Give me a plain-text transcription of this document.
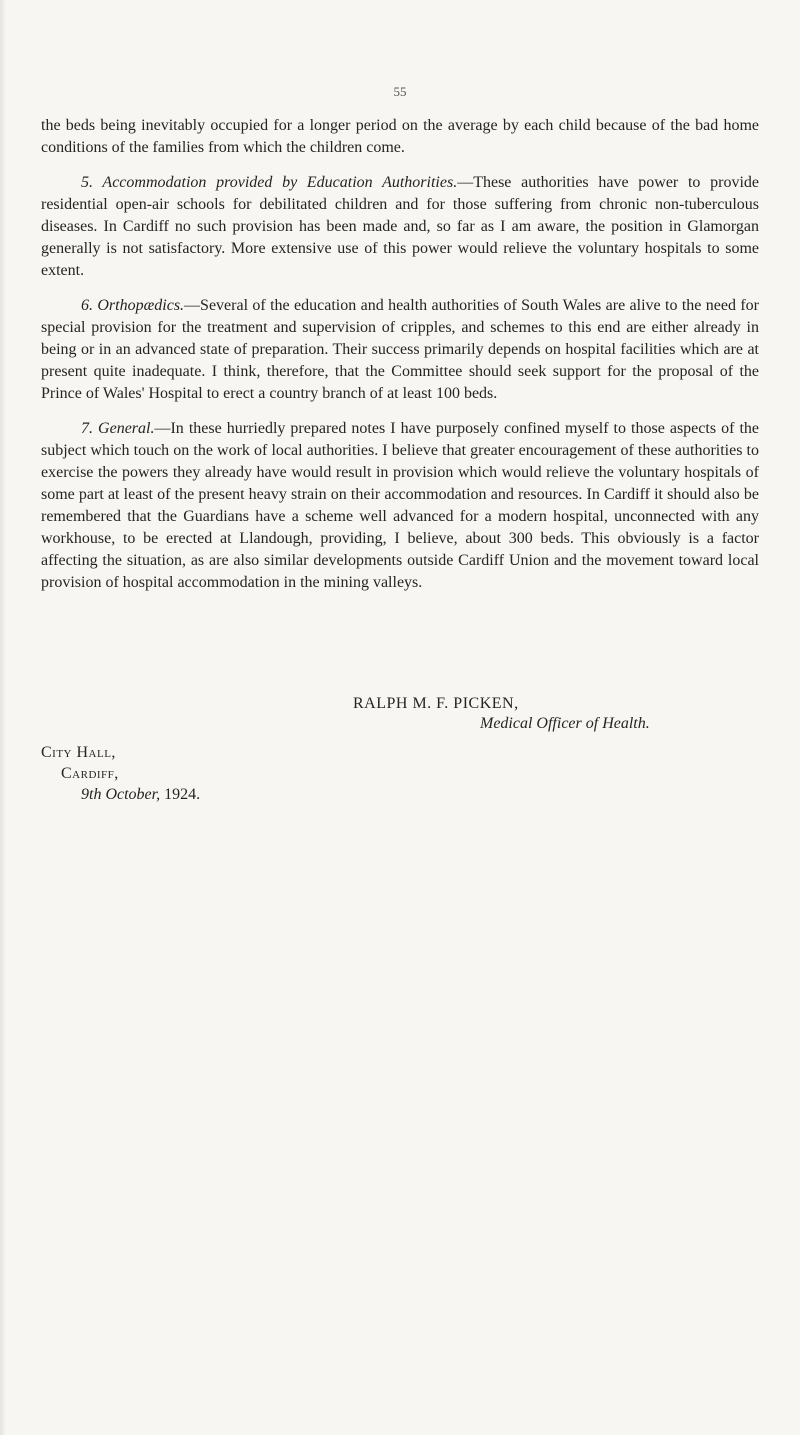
55

the beds being inevitably occupied for a longer period on the average by each child because of the bad home conditions of the families from which the children come.

5. Accommodation provided by Education Authorities.—These authorities have power to provide residential open-air schools for debilitated children and for those suffering from chronic non-tuberculous diseases. In Cardiff no such provision has been made and, so far as I am aware, the position in Glamorgan generally is not satisfactory. More extensive use of this power would relieve the voluntary hospitals to some extent.

6. Orthopædics.—Several of the education and health authorities of South Wales are alive to the need for special provision for the treatment and supervision of cripples, and schemes to this end are either already in being or in an advanced state of preparation. Their success primarily depends on hospital facilities which are at present quite inadequate. I think, therefore, that the Committee should seek support for the proposal of the Prince of Wales' Hospital to erect a country branch of at least 100 beds.

7. General.—In these hurriedly prepared notes I have purposely confined myself to those aspects of the subject which touch on the work of local authorities. I believe that greater encouragement of these authorities to exercise the powers they already have would result in provision which would relieve the voluntary hospitals of some part at least of the present heavy strain on their accommodation and resources. In Cardiff it should also be remembered that the Guardians have a scheme well advanced for a modern hospital, unconnected with any workhouse, to be erected at Llandough, providing, I believe, about 300 beds. This obviously is a factor affecting the situation, as are also similar developments outside Cardiff Union and the movement toward local provision of hospital accommodation in the mining valleys.

RALPH M. F. PICKEN,
Medical Officer of Health.
City Hall,
Cardiff,
9th October, 1924.
